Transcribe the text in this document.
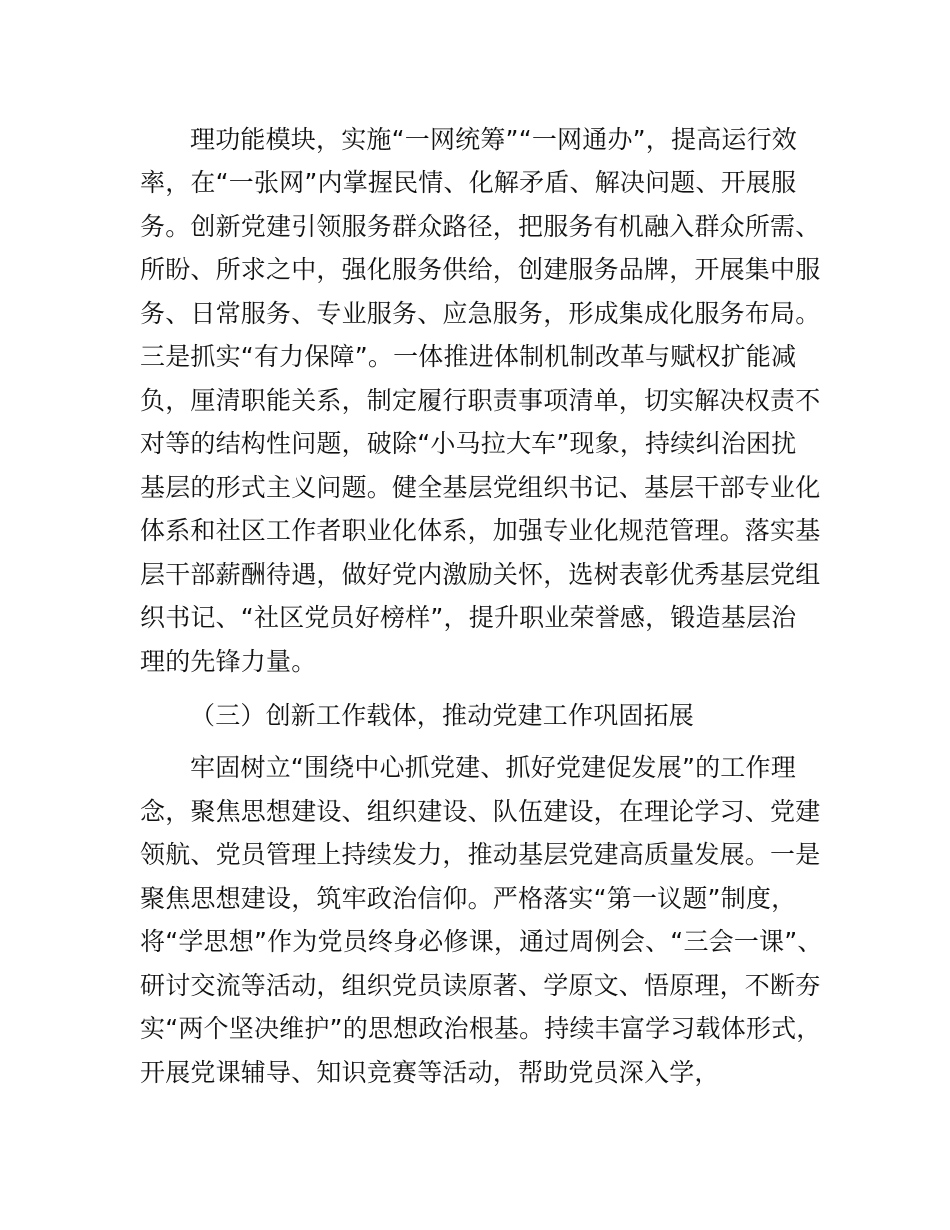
理功能模块，实施“一网统筹”“一网通办”，提高运行效
率，在“一张网”内掌握民情、化解矛盾、解决问题、开展服
务。创新党建引领服务群众路径，把服务有机融入群众所需、
所盼、所求之中，强化服务供给，创建服务品牌，开展集中服
务、日常服务、专业服务、应急服务，形成集成化服务布局。
三是抓实“有力保障”。一体推进体制机制改革与赋权扩能减
负，厘清职能关系，制定履行职责事项清单，切实解决权责不
对等的结构性问题，破除“小马拉大车”现象，持续纠治困扰
基层的形式主义问题。健全基层党组织书记、基层干部专业化
体系和社区工作者职业化体系，加强专业化规范管理。落实基
层干部薪酬待遇，做好党内激励关怀，选树表彰优秀基层党组
织书记、“社区党员好榜样”，提升职业荣誉感，锻造基层治
理的先锋力量。
（三）创新工作载体，推动党建工作巩固拓展
牢固树立“围绕中心抓党建、抓好党建促发展”的工作理
念，聚焦思想建设、组织建设、队伍建设，在理论学习、党建
领航、党员管理上持续发力，推动基层党建高质量发展。一是
聚焦思想建设，筑牢政治信仰。严格落实“第一议题”制度，
将“学思想”作为党员终身必修课，通过周例会、“三会一课”、
研讨交流等活动，组织党员读原著、学原文、悟原理，不断夯
实“两个坚决维护”的思想政治根基。持续丰富学习载体形式，
开展党课辅导、知识竞赛等活动，帮助党员深入学，
